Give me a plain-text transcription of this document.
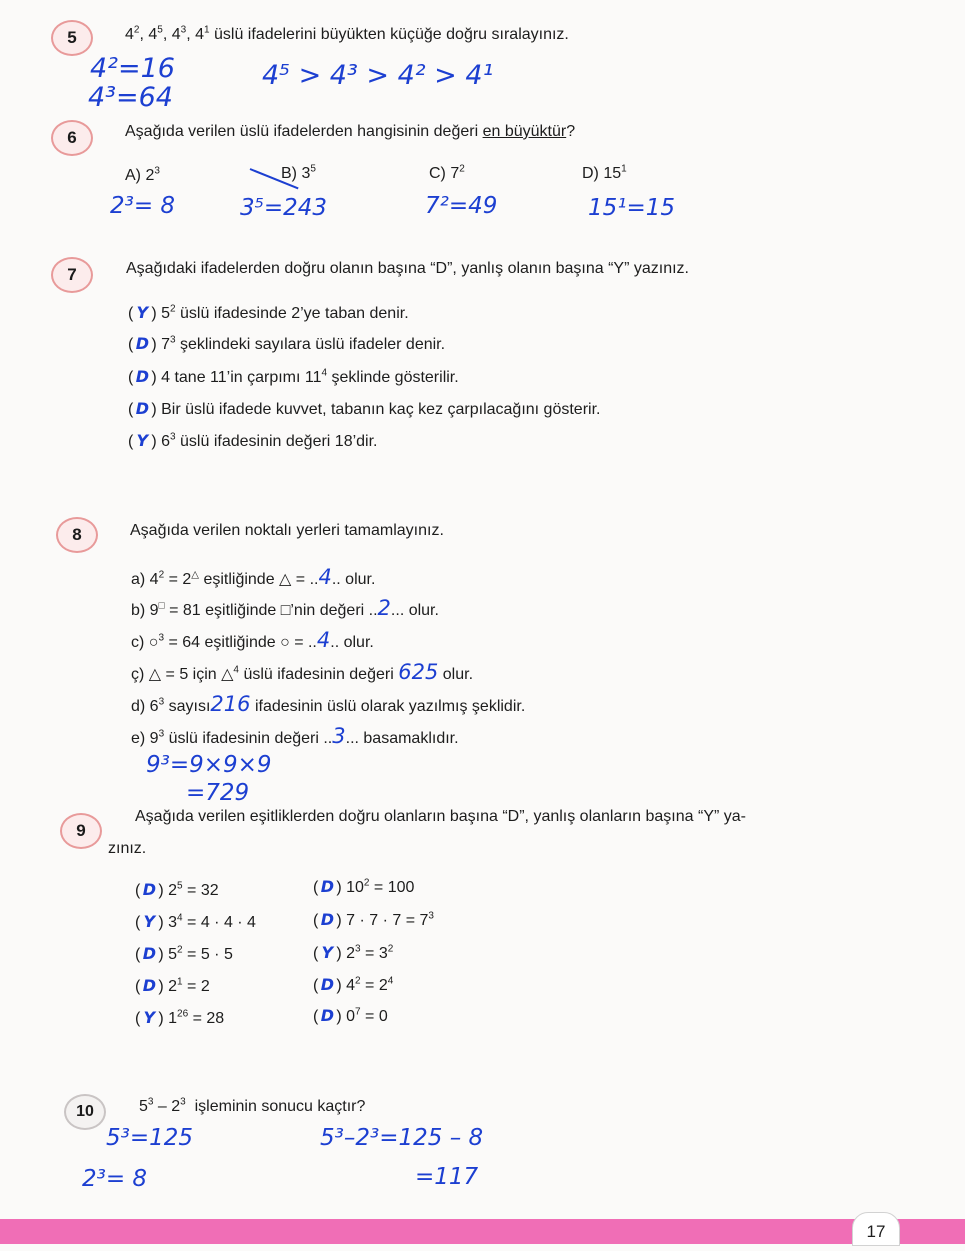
5	$4^2$, $4^5$, $4^3$, $4^1$ üslü ifadelerini büyükten küçüğe doğru sıralayınız.
4²=16
4³=64
4⁵ > 4³ > 4² > 4¹
6	Aşağıda verilen üslü ifadelerden hangisinin değeri en büyüktür?
A) $2^3$	B) $3^5$	C) $7^2$	D) $15^1$
2³= 8	3⁵=243	7²=49	15¹=15
7	Aşağıdaki ifadelerden doğru olanın başına “D”, yanlış olanın başına “Y” yazınız.
( Y ) $5^2$ üslü ifadesinde 2’ye taban denir.
( D ) $7^3$ şeklindeki sayılara üslü ifadeler denir.
( D ) 4 tane 11’in çarpımı $11^4$ şeklinde gösterilir.
( D ) Bir üslü ifadede kuvvet, tabanın kaç kez çarpılacağını gösterir.
( Y ) $6^3$ üslü ifadesinin değeri 18’dir.
8	Aşağıda verilen noktalı yerleri tamamlayınız.
a) $4^2 = 2^\triangle$ eşitliğinde △ = ..4.. olur.
b) 9□ = 81 eşitliğinde □’nin değeri ..2... olur.
c) ○$^3$ = 64 eşitliğinde ○ = ..4.. olur.
ç) △ = 5 için △$^4$ üslü ifadesinin değeri 625 olur.
d) $6^3$ sayısı216 ifadesinin üslü olarak yazılmış şeklidir.
e) $9^3$ üslü ifadesinin değeri ..3... basamaklıdır.
9³=9×9×9
=729
9
Aşağıda verilen eşitliklerden doğru olanların başına “D”, yanlış olanların başına “Y” ya-
zınız.
( D ) $2^5 = 32$
( Y ) $3^4 = 4 \cdot 4 \cdot 4$
( D ) $5^2 = 5 \cdot 5$
( D ) $2^1 = 2$
( Y ) $1^{26} = 28$
( D ) $10^2 = 100$
( D ) $7 \cdot 7 \cdot 7 = 7^3$
( Y ) $2^3 = 3^2$
( D ) $4^2 = 2^4$
( D ) $0^7 = 0$
10	$5^3 - 2^3$ işleminin sonucu kaçtır?
5³=125
2³= 8
5³–2³=125 – 8
=117
17
